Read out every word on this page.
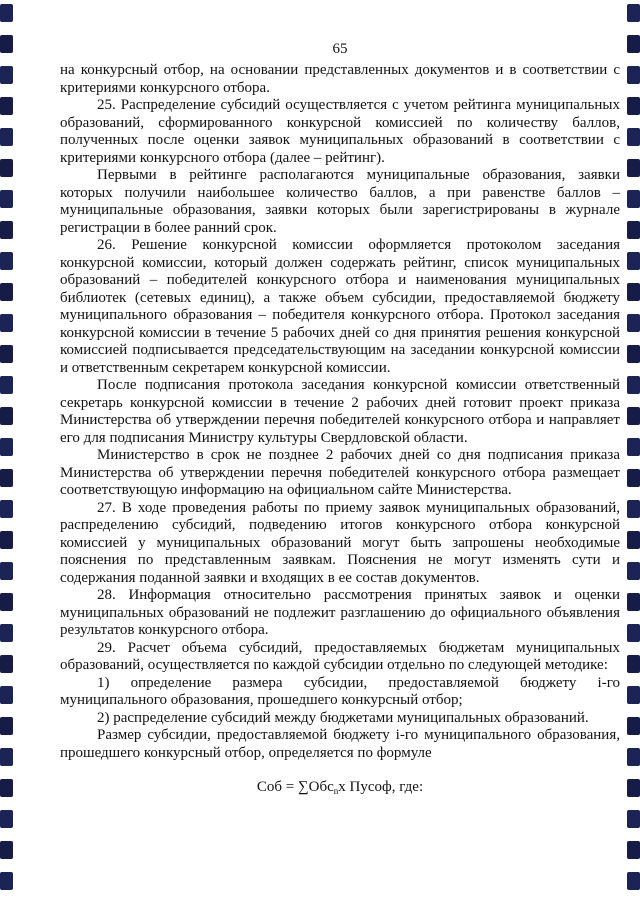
65

на конкурсный отбор, на основании представленных документов и в соответствии с критериями конкурсного отбора.

25. Распределение субсидий осуществляется с учетом рейтинга муниципальных образований, сформированного конкурсной комиссией по количеству баллов, полученных после оценки заявок муниципальных образований в соответствии с критериями конкурсного отбора (далее – рейтинг).

Первыми в рейтинге располагаются муниципальные образования, заявки которых получили наибольшее количество баллов, а при равенстве баллов – муниципальные образования, заявки которых были зарегистрированы в журнале регистрации в более ранний срок.

26. Решение конкурсной комиссии оформляется протоколом заседания конкурсной комиссии, который должен содержать рейтинг, список муниципальных образований – победителей конкурсного отбора и наименования муниципальных библиотек (сетевых единиц), а также объем субсидии, предоставляемой бюджету муниципального образования – победителя конкурсного отбора. Протокол заседания конкурсной комиссии в течение 5 рабочих дней со дня принятия решения конкурсной комиссией подписывается председательствующим на заседании конкурсной комиссии и ответственным секретарем конкурсной комиссии.

После подписания протокола заседания конкурсной комиссии ответственный секретарь конкурсной комиссии в течение 2 рабочих дней готовит проект приказа Министерства об утверждении перечня победителей конкурсного отбора и направляет его для подписания Министру культуры Свердловской области.

Министерство в срок не позднее 2 рабочих дней со дня подписания приказа Министерства об утверждении перечня победителей конкурсного отбора размещает соответствующую информацию на официальном сайте Министерства.

27. В ходе проведения работы по приему заявок муниципальных образований, распределению субсидий, подведению итогов конкурсного отбора конкурсной комиссией у муниципальных образований могут быть запрошены необходимые пояснения по представленным заявкам. Пояснения не могут изменять сути и содержания поданной заявки и входящих в ее состав документов.

28. Информация относительно рассмотрения принятых заявок и оценки муниципальных образований не подлежит разглашению до официального объявления результатов конкурсного отбора.

29. Расчет объема субсидий, предоставляемых бюджетам муниципальных образований, осуществляется по каждой субсидии отдельно по следующей методике:

1) определение размера субсидии, предоставляемой бюджету i-го муниципального образования, прошедшего конкурсный отбор;

2) распределение субсидий между бюджетами муниципальных образований.

Размер субсидии, предоставляемой бюджету i-го муниципального образования, прошедшего конкурсный отбор, определяется по формуле

Соб = ∑Обс$_n$х Пусоф, где:
